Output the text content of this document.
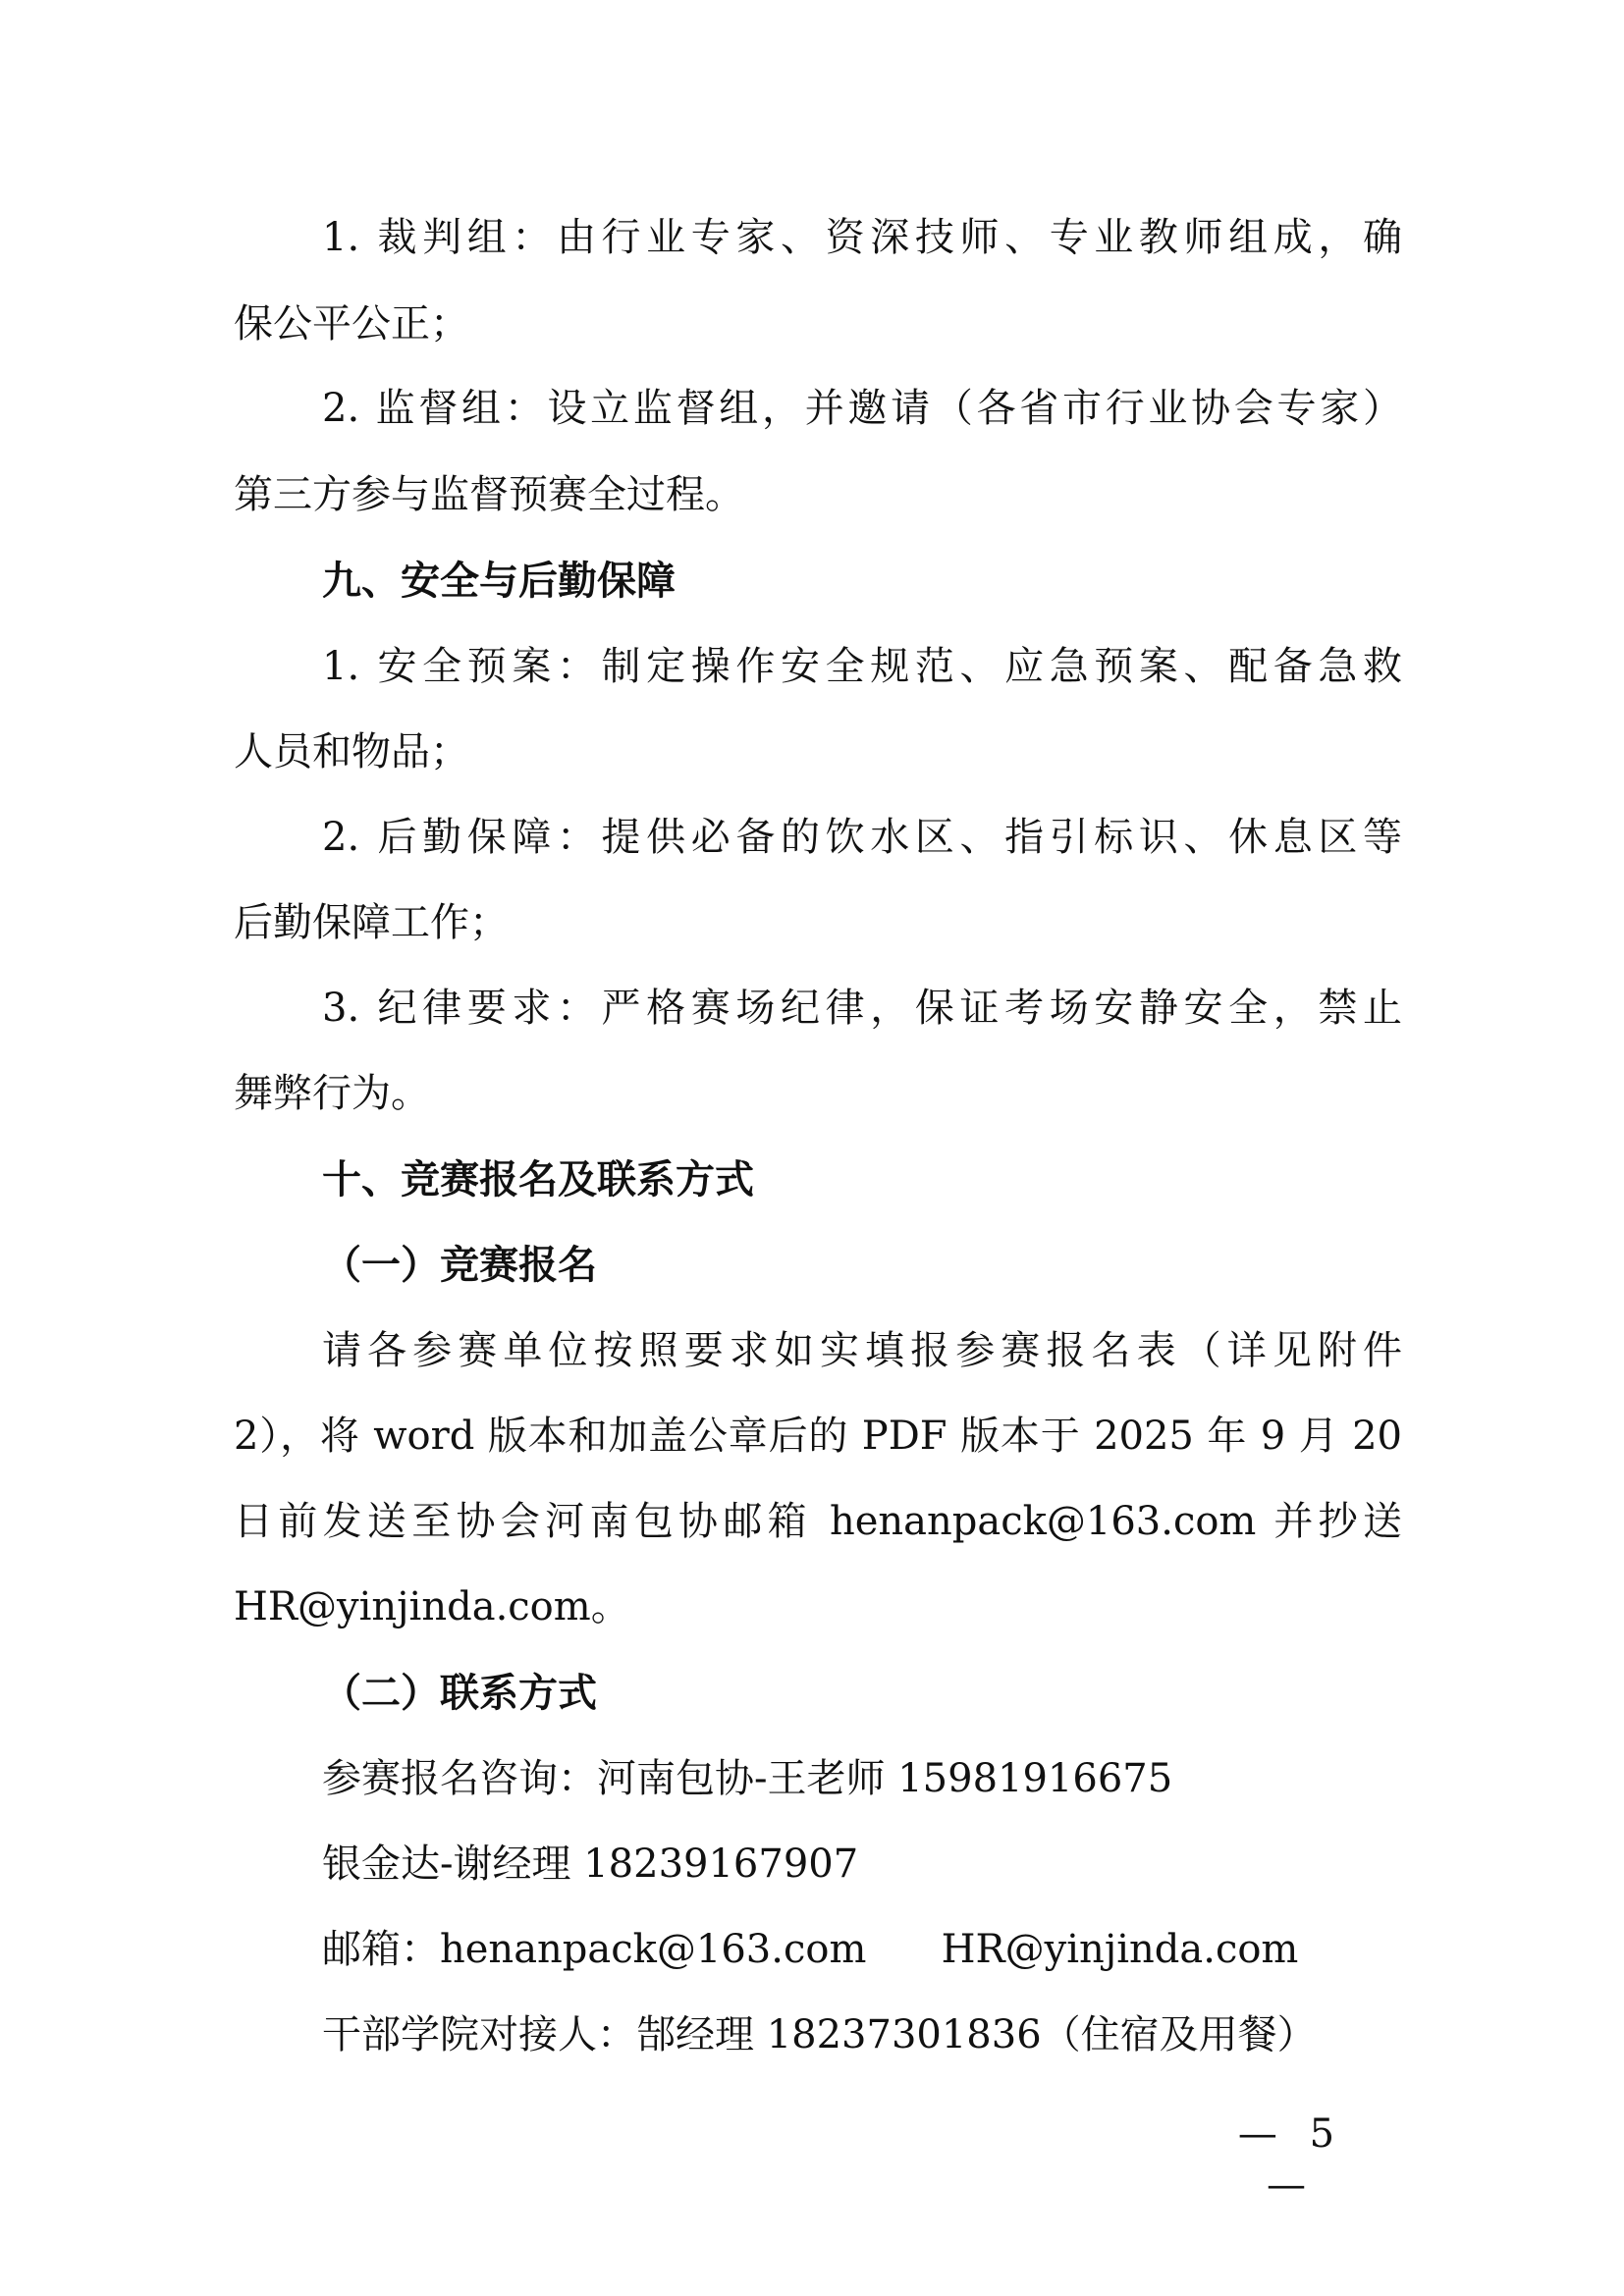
1. 裁判组：由行业专家、资深技师、专业教师组成，确
保公平公正；
2. 监督组：设立监督组，并邀请（各省市行业协会专家）
第三方参与监督预赛全过程。
九、安全与后勤保障
1. 安全预案：制定操作安全规范、应急预案、配备急救
人员和物品；
2. 后勤保障：提供必备的饮水区、指引标识、休息区等
后勤保障工作；
3. 纪律要求：严格赛场纪律，保证考场安静安全，禁止
舞弊行为。
十、竞赛报名及联系方式
（一）竞赛报名
请各参赛单位按照要求如实填报参赛报名表（详见附件
2），将 word 版本和加盖公章后的 PDF 版本于 2025 年 9 月 20
日前发送至协会河南包协邮箱 henanpack@163.com 并抄送
HR@yinjinda.com。
（二）联系方式
参赛报名咨询：河南包协-王老师 15981916675
银金达-谢经理 18239167907
邮箱：henanpack@163.com      HR@yinjinda.com
干部学院对接人：郜经理 18237301836（住宿及用餐）
— 5 —
